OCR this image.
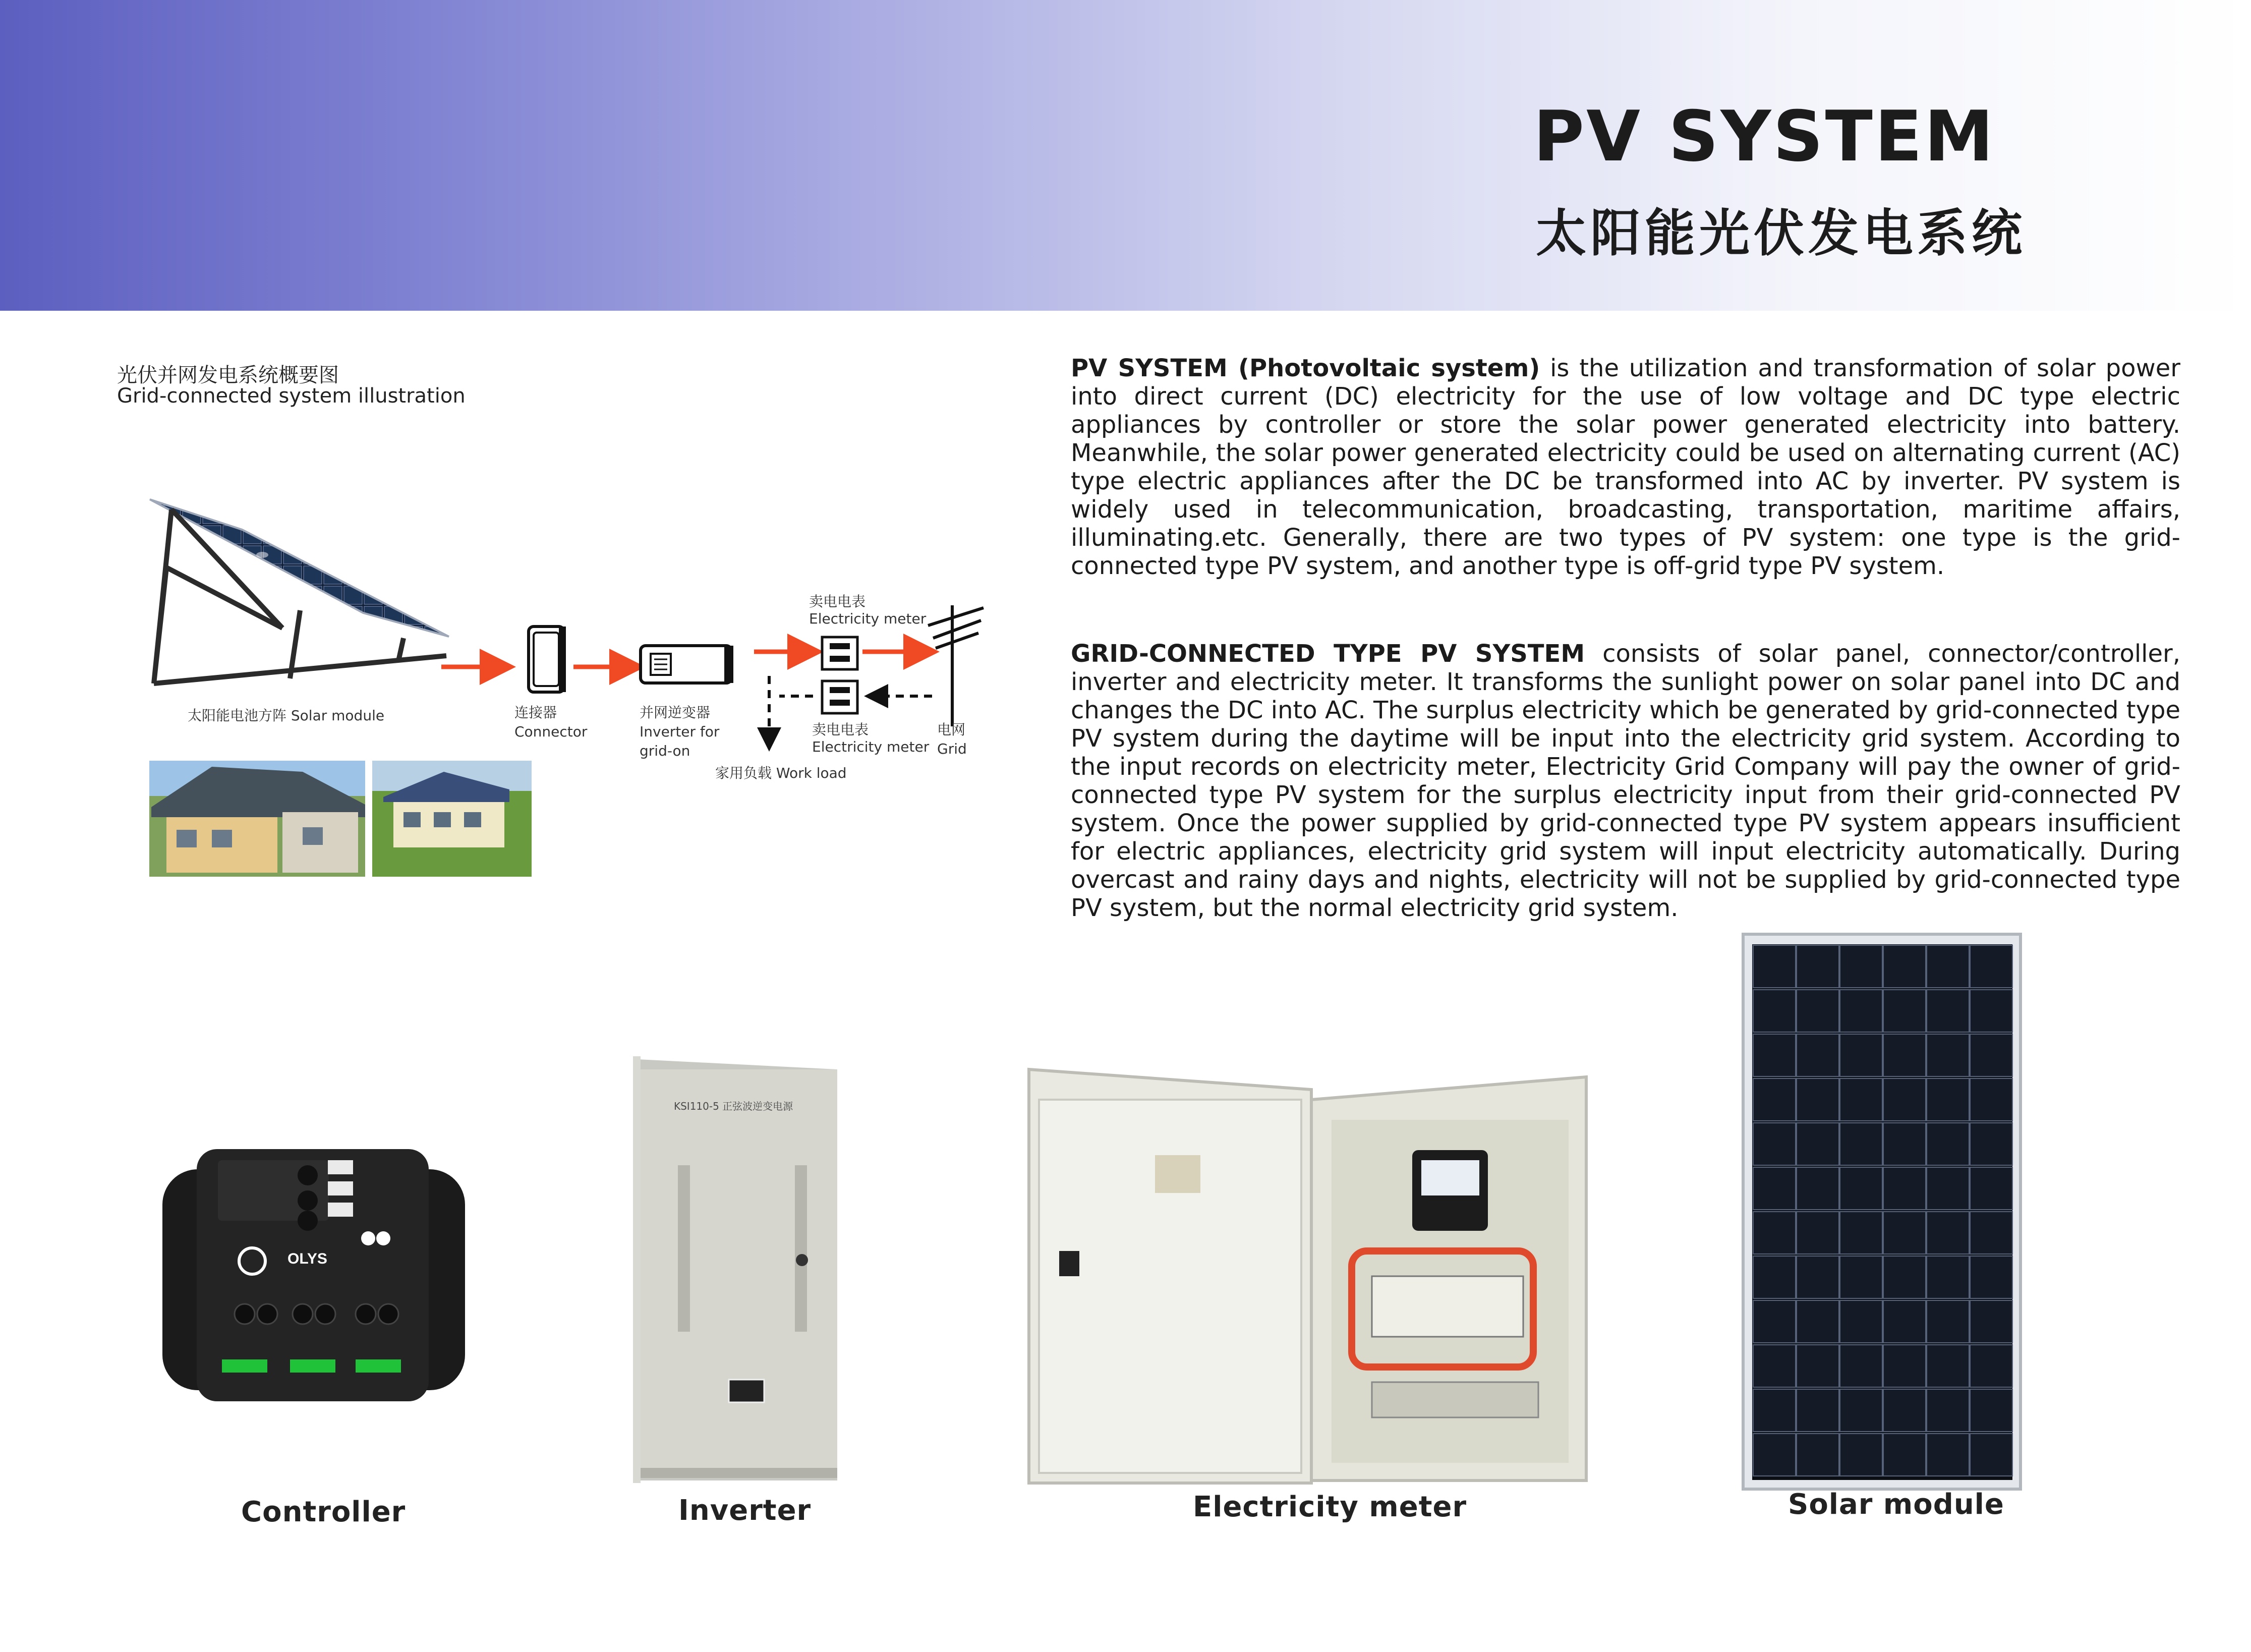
PV SYSTEM
太阳能光伏发电系统
光伏并网发电系统概要图
Grid-connected system illustration
太阳能电池方阵 Solar module	连接器
Connector
并网逆变器
Inverter for
grid-on
卖电电表
Electricity meter
卖电电表
Electricity meter
电网
Grid
家用负载 Work load
PV SYSTEM (Photovoltaic system) is the utilization and transformation of solar power into direct current (DC) electricity for the use of low voltage and DC type electric appliances by controller or store the solar power generated electricity into battery. Meanwhile, the solar power generated electricity could be used on alternating current (AC) type electric appliances after the DC be transformed into AC by inverter. PV system is widely used in telecommunication, broadcasting, transportation, maritime affairs, illuminating.etc. Generally, there are two types of PV system: one type is the grid-connected type PV system, and another type is off-grid type PV system.
GRID-CONNECTED TYPE PV SYSTEM consists of solar panel, connector/controller, inverter and electricity meter. It transforms the sunlight power on solar panel into DC and changes the DC into AC. The surplus electricity which be generated by grid-connected type PV system during the daytime will be input into the electricity grid system. According to the input records on electricity meter, Electricity Grid Company will pay the owner of grid-connected type PV system for the surplus electricity input from their grid-connected PV system. Once the power supplied by grid-connected type PV system appears insufficient for electric appliances, electricity grid system will input electricity automatically. During overcast and rainy days and nights, electricity will not be supplied by grid-connected type PV system, but the normal electricity grid system.
OLYS
KSI110-5 正弦波逆变电源
Controller	Inverter	Electricity meter	Solar module
